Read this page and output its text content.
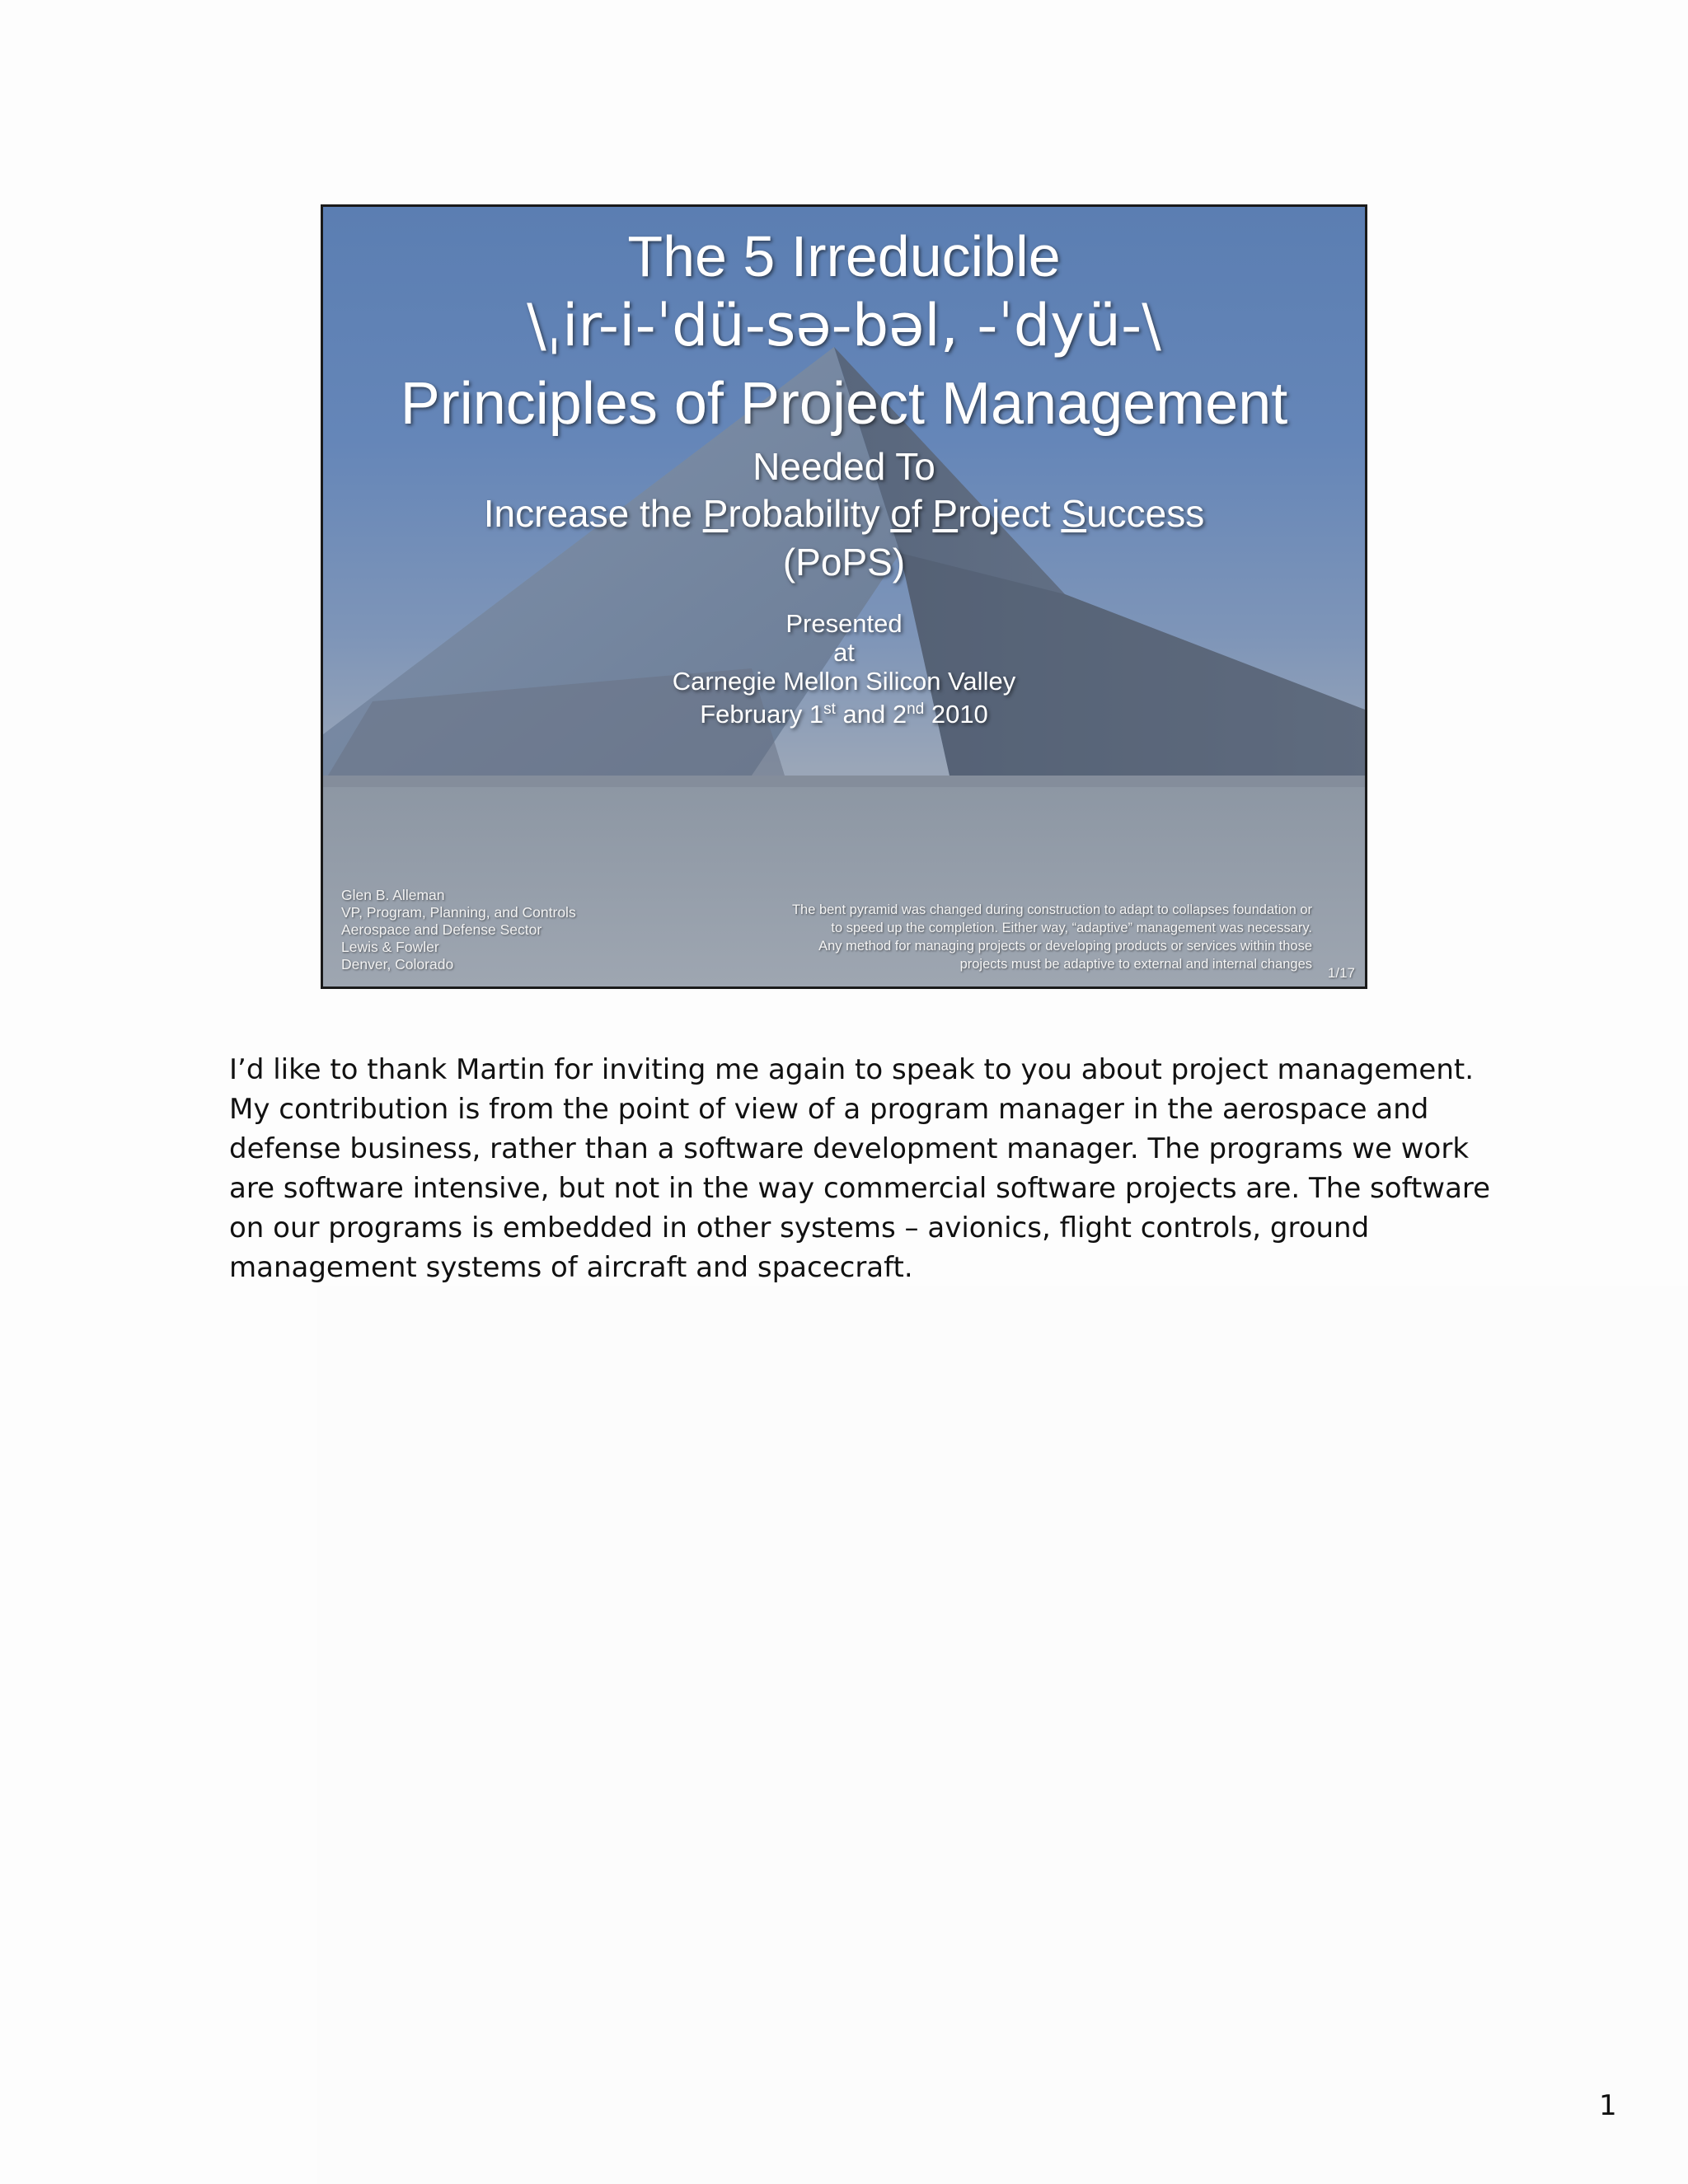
The 5 Irreducible
\ˌir-i-ˈdü-sə-bəl, -ˈdyü-\
Principles of Project Management
Needed To
Increase the Probability of Project Success
(PoPS)
Presented
at
Carnegie Mellon Silicon Valley
February 1st and 2nd 2010
Glen B. Alleman
VP, Program, Planning, and Controls
Aerospace and Defense Sector
Lewis & Fowler
Denver, Colorado
The bent pyramid was changed during construction to adapt to collapses foundation or
to speed up the completion. Either way, “adaptive” management was necessary.
Any method for managing projects or developing products or services within those
projects must be adaptive to external and internal changes
1/17
I’d like to thank Martin for inviting me again to speak to you about project management.
My contribution is from the point of view of a program manager in the aerospace and
defense business, rather than a software development manager. The programs we work
are software intensive, but not in the way commercial software projects are. The software
on our programs is embedded in other systems – avionics, flight controls, ground
management systems of aircraft and spacecraft.
1
